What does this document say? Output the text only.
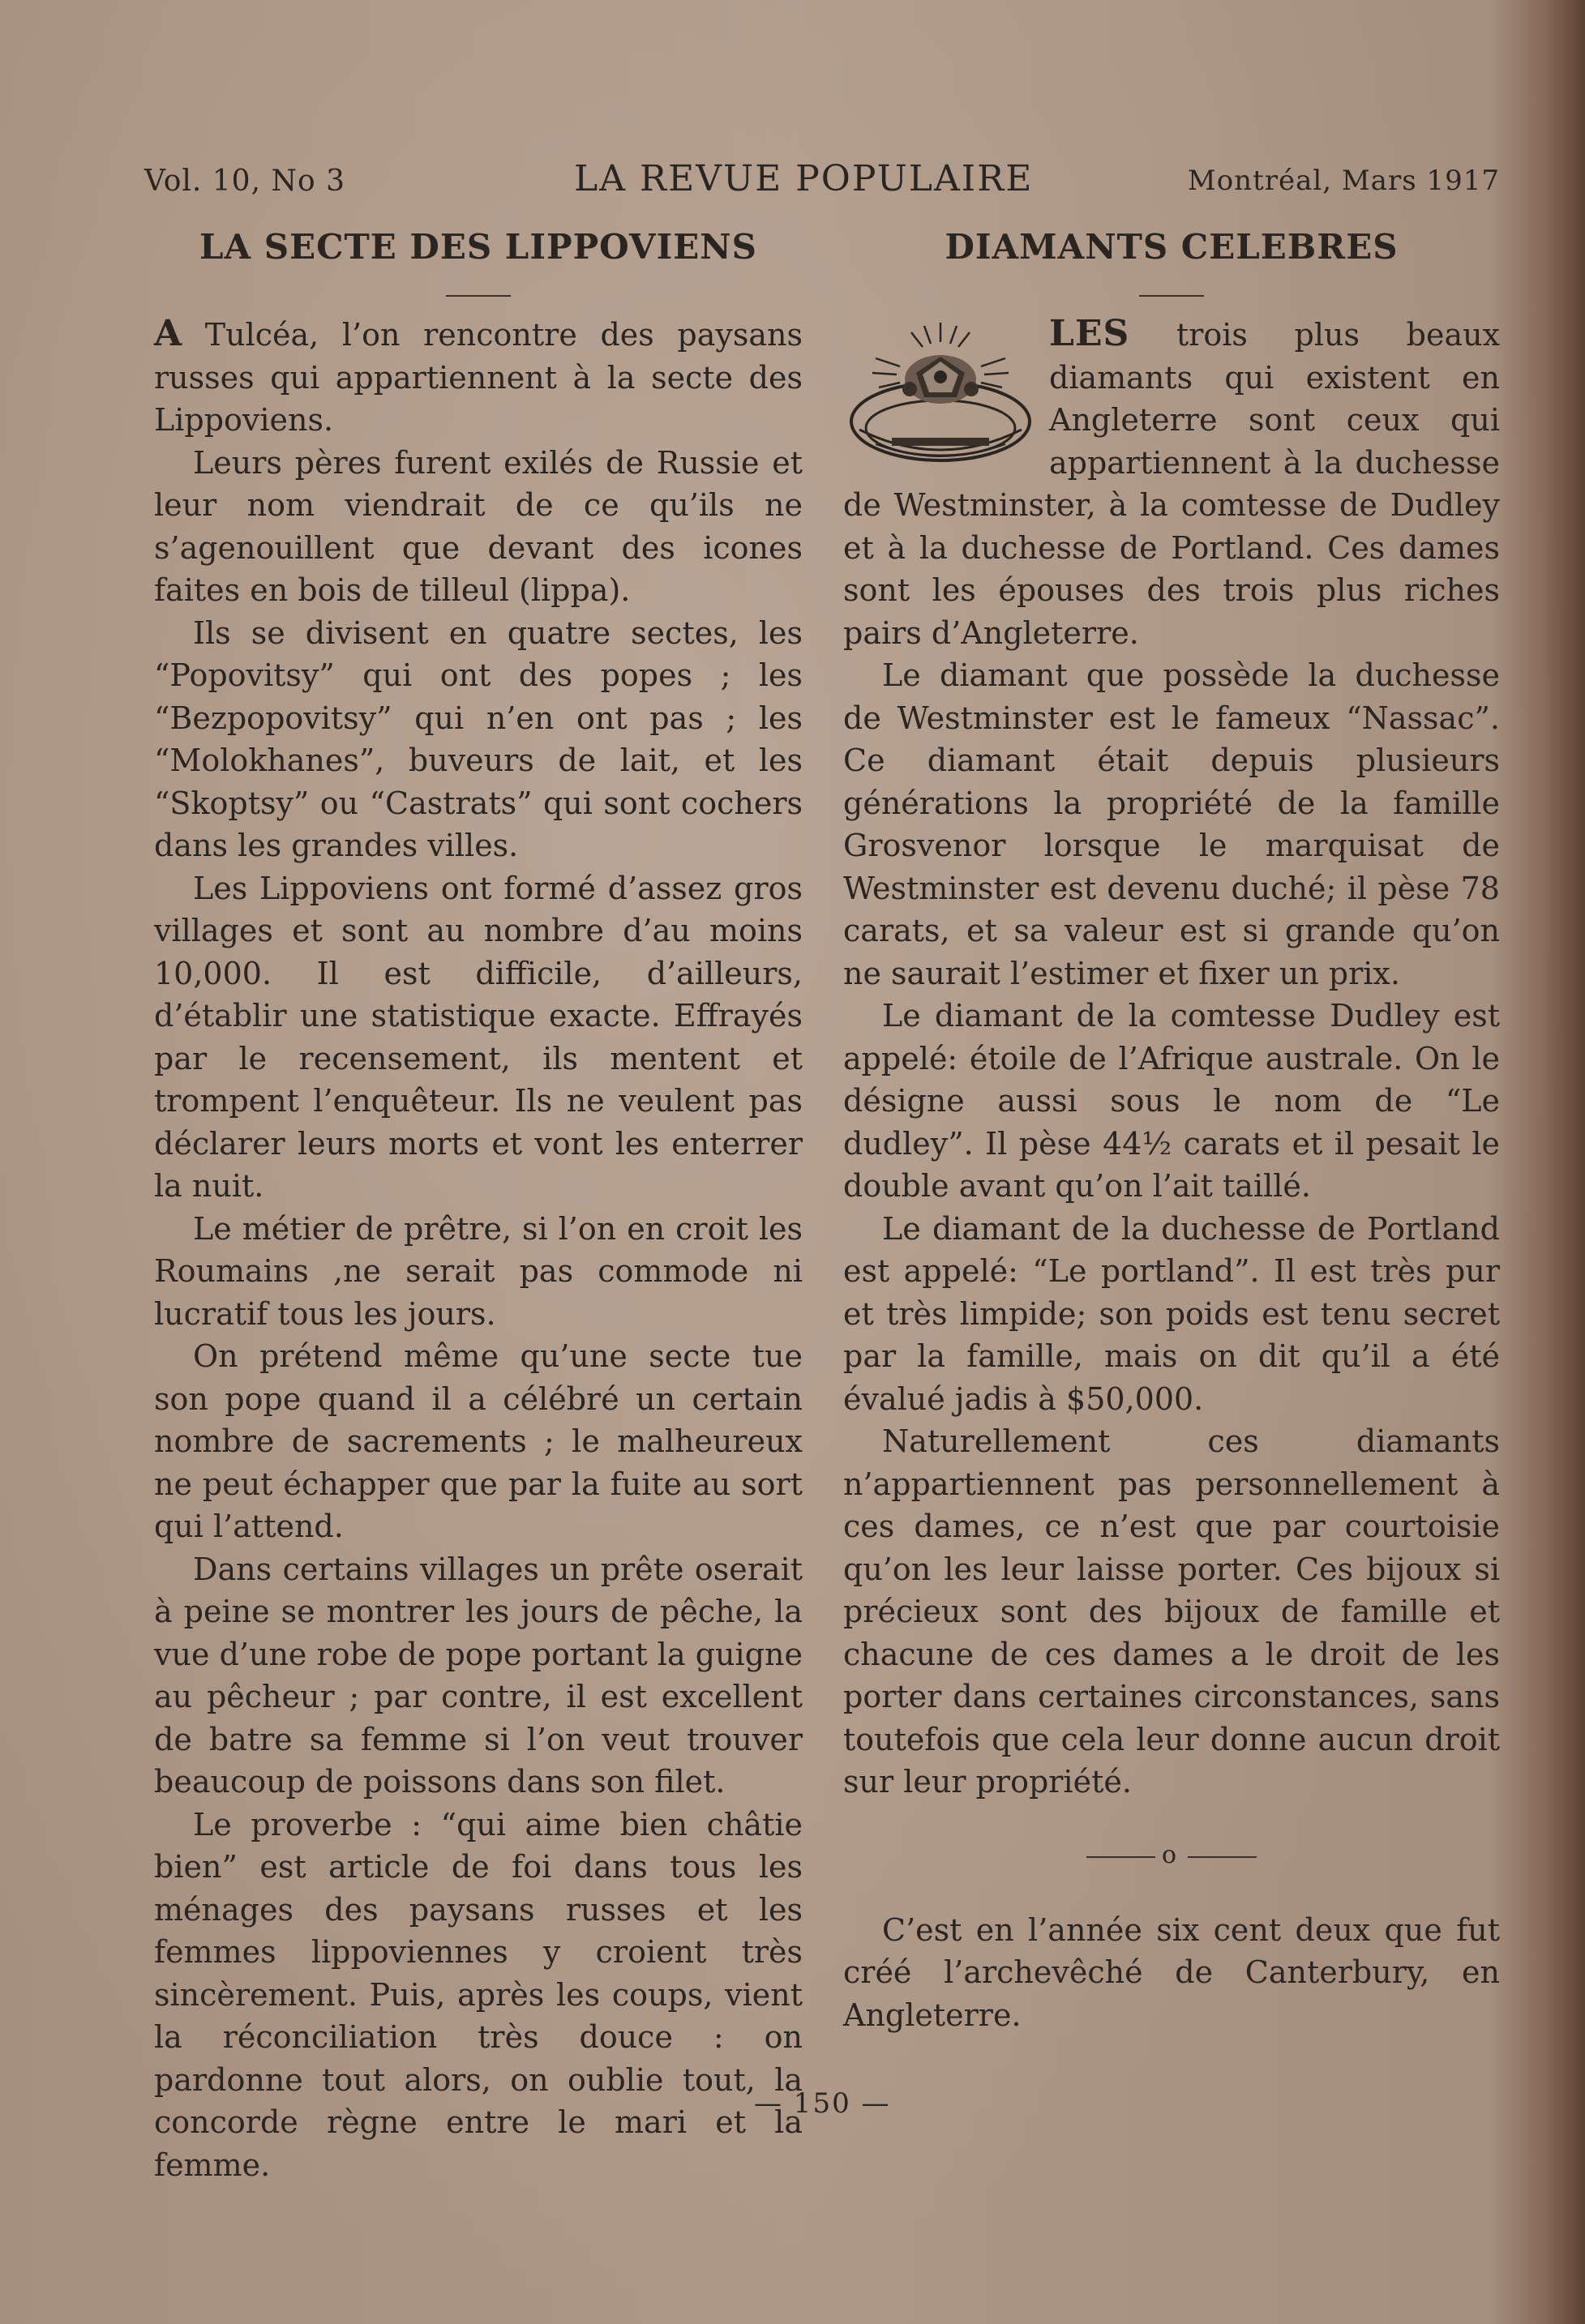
Vol. 10, No 3	LA REVUE POPULAIRE	Montréal, Mars 1917
LA SECTE DES LIPPOVIENS

A Tulcéa, l’on rencontre des paysans russes qui appartiennent à la secte des Lippoviens.

Leurs pères furent exilés de Russie et leur nom viendrait de ce qu’ils ne s’agenouillent que devant des icones faites en bois de tilleul (lippa).

Ils se divisent en quatre sectes, les “Popovitsy” qui ont des popes ; les “Bezpopovitsy” qui n’en ont pas ; les “Molokhanes”, buveurs de lait, et les “Skoptsy” ou “Castrats” qui sont cochers dans les grandes villes.

Les Lippoviens ont formé d’assez gros villages et sont au nombre d’au moins 10,000. Il est difficile, d’ailleurs, d’établir une statistique exacte. Effrayés par le recensement, ils mentent et trompent l’enquêteur. Ils ne veulent pas déclarer leurs morts et vont les enterrer la nuit.

Le métier de prêtre, si l’on en croit les Roumains ,ne serait pas commode ni lucratif tous les jours.

On prétend même qu’une secte tue son pope quand il a célébré un certain nombre de sacrements ; le malheureux ne peut échapper que par la fuite au sort qui l’attend.

Dans certains villages un prête oserait à peine se montrer les jours de pêche, la vue d’une robe de pope portant la guigne au pêcheur ; par contre, il est excellent de batre sa femme si l’on veut trouver beaucoup de poissons dans son filet.

Le proverbe : “qui aime bien châtie bien” est article de foi dans tous les ménages des paysans russes et les femmes lippoviennes y croient très sincèrement. Puis, après les coups, vient la réconciliation très douce : on pardonne tout alors, on oublie tout, la concorde règne entre le mari et la femme.

DIAMANTS CELEBRES

LES trois plus beaux diamants qui existent en Angleterre sont ceux qui appartiennent à la duchesse de Westminster, à la comtesse de Dudley et à la duchesse de Portland. Ces dames sont les épouses des trois plus riches pairs d’Angleterre.

Le diamant que possède la duchesse de Westminster est le fameux “Nassac”. Ce diamant était depuis plusieurs générations la propriété de la famille Grosvenor lorsque le marquisat de Westminster est devenu duché; il pèse 78 carats, et sa valeur est si grande qu’on ne saurait l’estimer et fixer un prix.

Le diamant de la comtesse Dudley est appelé: étoile de l’Afrique australe. On le désigne aussi sous le nom de “Le dudley”. Il pèse 44½ carats et il pesait le double avant qu’on l’ait taillé.

Le diamant de la duchesse de Portland est appelé: “Le portland”. Il est très pur et très limpide; son poids est tenu secret par la famille, mais on dit qu’il a été évalué jadis à $50,000.

Naturellement ces diamants n’appartiennent pas personnellement à ces dames, ce n’est que par courtoisie qu’on les leur laisse porter. Ces bijoux si précieux sont des bijoux de famille et chacune de ces dames a le droit de les porter dans certaines circonstances, sans toutefois que cela leur donne aucun droit sur leur propriété.

o

C’est en l’année six cent deux que fut créé l’archevêché de Canterbury, en Angleterre.

— 150 —
